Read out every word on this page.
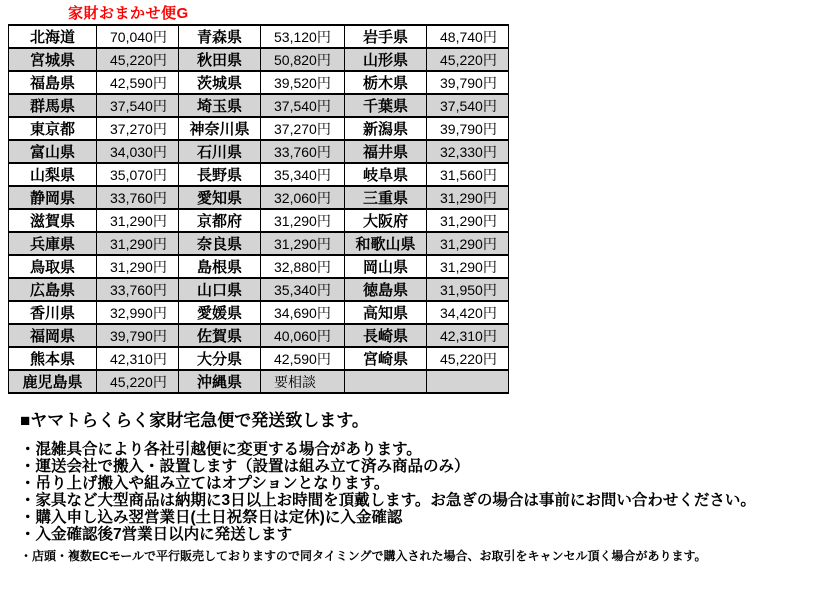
家財おまかせ便G
北海道	70,040円	青森県	53,120円	岩手県	48,740円
宮城県	45,220円	秋田県	50,820円	山形県	45,220円
福島県	42,590円	茨城県	39,520円	栃木県	39,790円
群馬県	37,540円	埼玉県	37,540円	千葉県	37,540円
東京都	37,270円	神奈川県	37,270円	新潟県	39,790円
富山県	34,030円	石川県	33,760円	福井県	32,330円
山梨県	35,070円	長野県	35,340円	岐阜県	31,560円
静岡県	33,760円	愛知県	32,060円	三重県	31,290円
滋賀県	31,290円	京都府	31,290円	大阪府	31,290円
兵庫県	31,290円	奈良県	31,290円	和歌山県	31,290円
鳥取県	31,290円	島根県	32,880円	岡山県	31,290円
広島県	33,760円	山口県	35,340円	徳島県	31,950円
香川県	32,990円	愛媛県	34,690円	高知県	34,420円
福岡県	39,790円	佐賀県	40,060円	長崎県	42,310円
熊本県	42,310円	大分県	42,590円	宮崎県	45,220円
鹿児島県	45,220円	沖縄県	要相談		
■ヤマトらくらく家財宅急便で発送致します。
・混雑具合により各社引越便に変更する場合があります。
・運送会社で搬入・設置します（設置は組み立て済み商品のみ）
・吊り上げ搬入や組み立てはオプションとなります。
・家具など大型商品は納期に3日以上お時間を頂戴します。お急ぎの場合は事前にお問い合わせください。
・購入申し込み翌営業日(土日祝祭日は定休)に入金確認
・入金確認後7営業日以内に発送します
・店頭・複数ECモールで平行販売しておりますので同タイミングで購入された場合、お取引をキャンセル頂く場合があります。
